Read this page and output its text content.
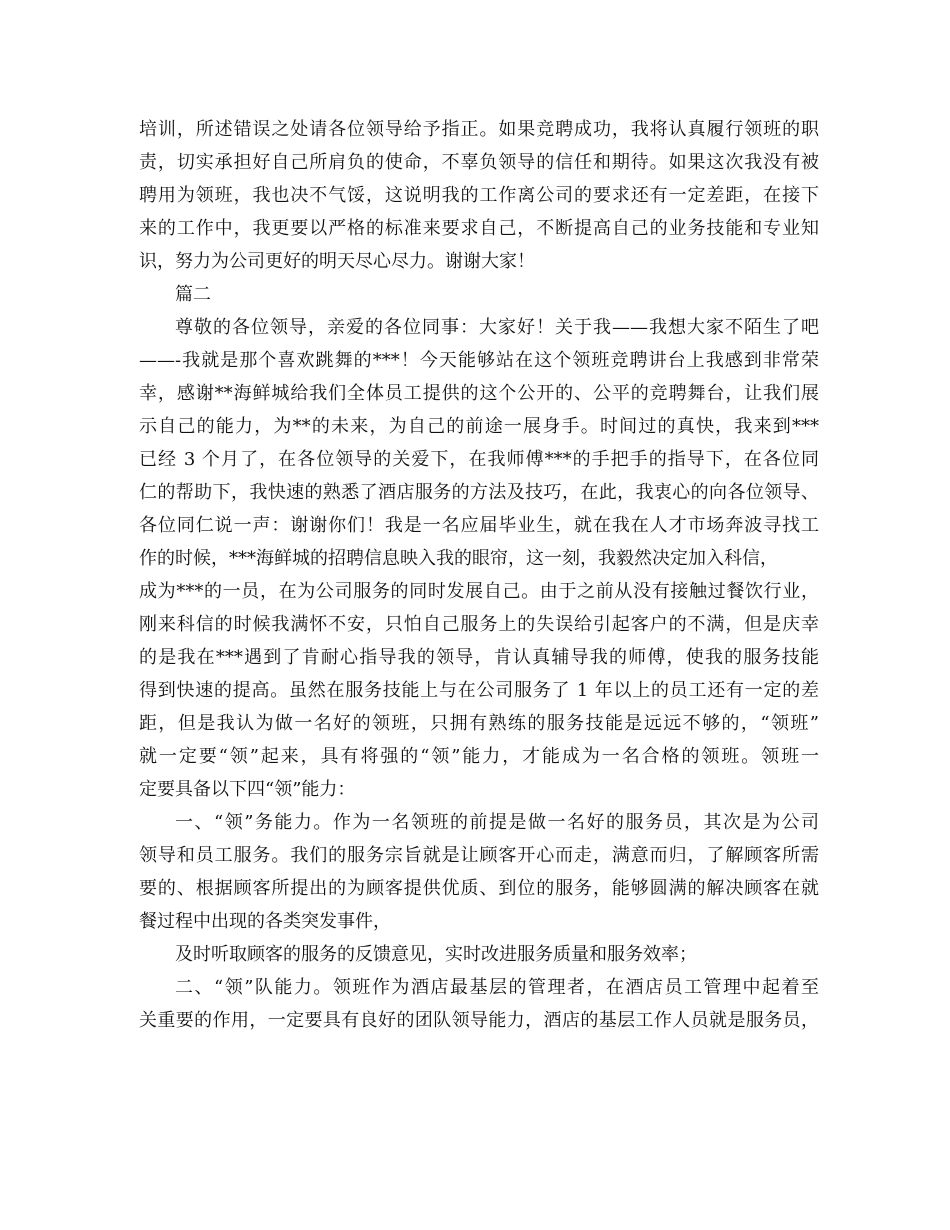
培训，所述错误之处请各位领导给予指正。如果竞聘成功，我将认真履行领班的职
责，切实承担好自己所肩负的使命，不辜负领导的信任和期待。如果这次我没有被
聘用为领班，我也决不气馁，这说明我的工作离公司的要求还有一定差距，在接下
来的工作中，我更要以严格的标准来要求自己，不断提高自己的业务技能和专业知
识，努力为公司更好的明天尽心尽力。谢谢大家！
篇二
尊敬的各位领导，亲爱的各位同事：大家好！关于我——我想大家不陌生了吧
——-我就是那个喜欢跳舞的***！今天能够站在这个领班竞聘讲台上我感到非常荣
幸，感谢**海鲜城给我们全体员工提供的这个公开的、公平的竞聘舞台，让我们展
示自己的能力，为**的未来，为自己的前途一展身手。时间过的真快，我来到***
已经 3 个月了，在各位领导的关爱下，在我师傅***的手把手的指导下，在各位同
仁的帮助下，我快速的熟悉了酒店服务的方法及技巧，在此，我衷心的向各位领导、
各位同仁说一声：谢谢你们！我是一名应届毕业生，就在我在人才市场奔波寻找工
作的时候，***海鲜城的招聘信息映入我的眼帘，这一刻，我毅然决定加入科信，
成为***的一员，在为公司服务的同时发展自己。由于之前从没有接触过餐饮行业，
刚来科信的时候我满怀不安，只怕自己服务上的失误给引起客户的不满，但是庆幸
的是我在***遇到了肯耐心指导我的领导，肯认真辅导我的师傅，使我的服务技能
得到快速的提高。虽然在服务技能上与在公司服务了 1 年以上的员工还有一定的差
距，但是我认为做一名好的领班，只拥有熟练的服务技能是远远不够的，“领班”
就一定要“领”起来，具有将强的“领”能力，才能成为一名合格的领班。领班一
定要具备以下四“领”能力：
一、“领”务能力。作为一名领班的前提是做一名好的服务员，其次是为公司
领导和员工服务。我们的服务宗旨就是让顾客开心而走，满意而归，了解顾客所需
要的、根据顾客所提出的为顾客提供优质、到位的服务，能够圆满的解决顾客在就
餐过程中出现的各类突发事件，
及时听取顾客的服务的反馈意见，实时改进服务质量和服务效率；
二、“领”队能力。领班作为酒店最基层的管理者，在酒店员工管理中起着至
关重要的作用，一定要具有良好的团队领导能力，酒店的基层工作人员就是服务员，
